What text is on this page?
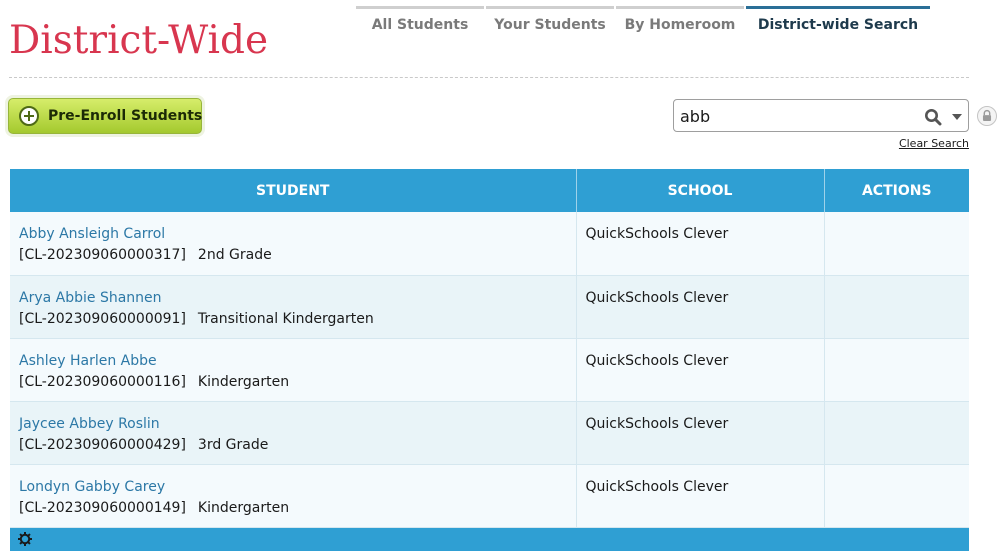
District-Wide	All Students	Your Students	By Homeroom	District-wide Search
Pre-Enroll Students
abb
Clear Search
STUDENT	SCHOOL	ACTIONS

Abby Ansleigh Carrol
[CL-202309060000317] 2nd Grade	QuickSchools Clever	

Arya Abbie Shannen
[CL-202309060000091] Transitional Kindergarten	QuickSchools Clever	

Ashley Harlen Abbe
[CL-202309060000116] Kindergarten	QuickSchools Clever	

Jaycee Abbey Roslin
[CL-202309060000429] 3rd Grade	QuickSchools Clever	

Londyn Gabby Carey
[CL-202309060000149] Kindergarten	QuickSchools Clever	
